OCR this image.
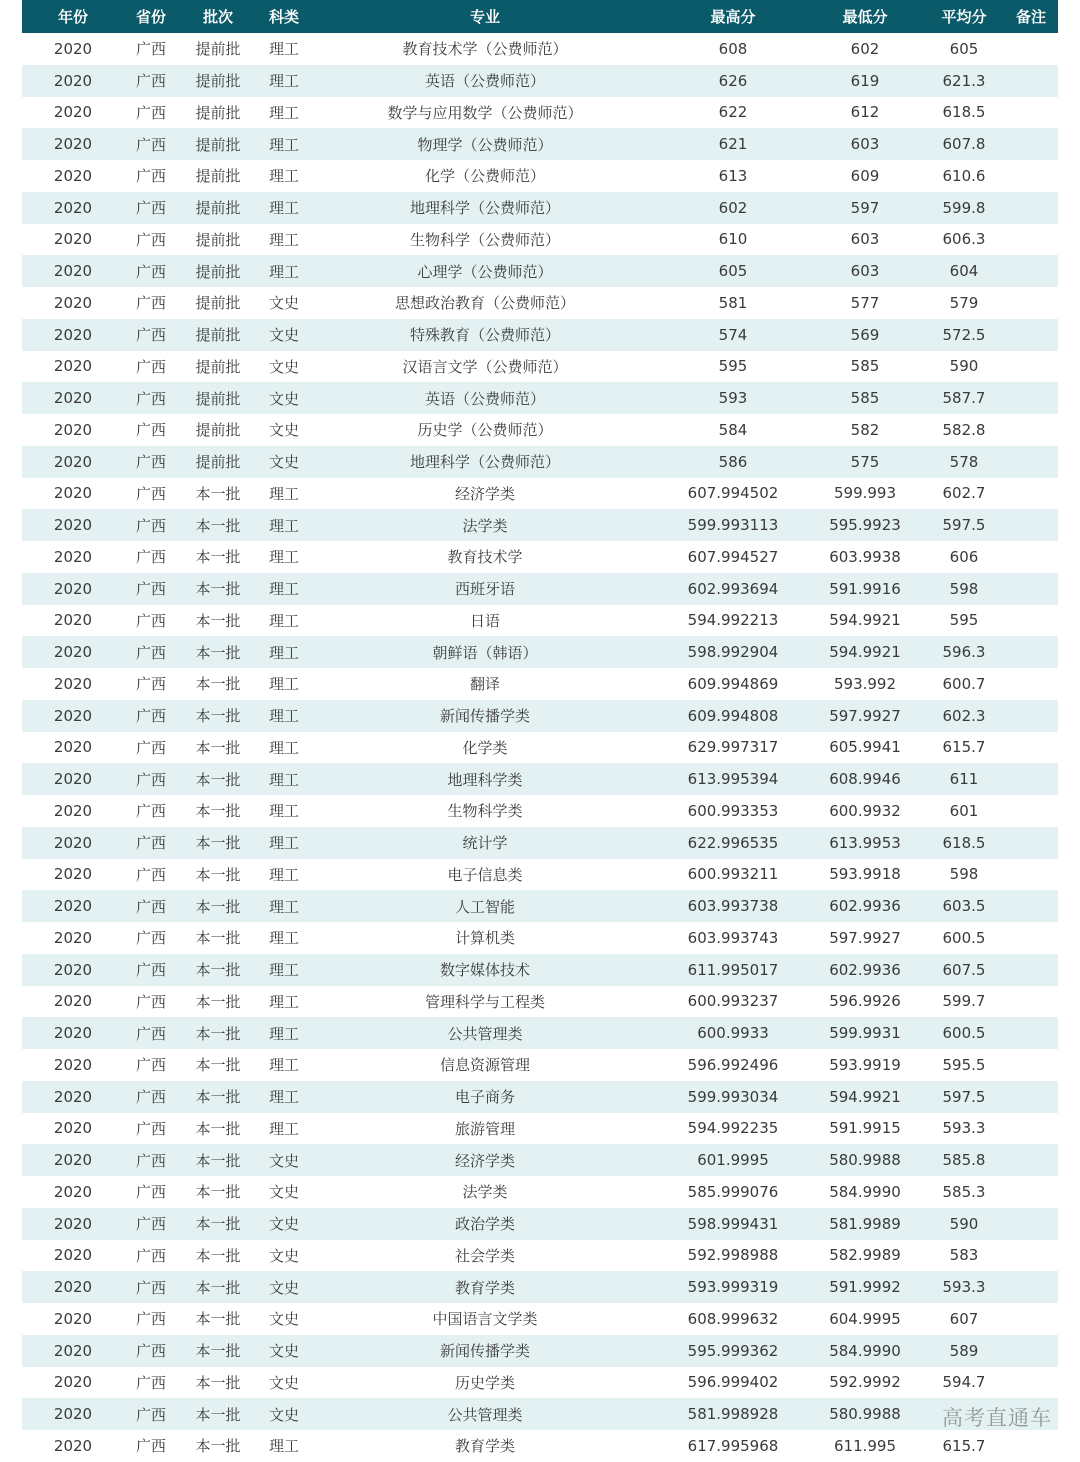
年份	省份	批次	科类	专业	最高分	最低分	平均分	备注
2020	广西	提前批	理工	教育技术学（公费师范）	608	602	605
2020	广西	提前批	理工	英语（公费师范）	626	619	621.3
2020	广西	提前批	理工	数学与应用数学（公费师范）	622	612	618.5
2020	广西	提前批	理工	物理学（公费师范）	621	603	607.8
2020	广西	提前批	理工	化学（公费师范）	613	609	610.6
2020	广西	提前批	理工	地理科学（公费师范）	602	597	599.8
2020	广西	提前批	理工	生物科学（公费师范）	610	603	606.3
2020	广西	提前批	理工	心理学（公费师范）	605	603	604
2020	广西	提前批	文史	思想政治教育（公费师范）	581	577	579
2020	广西	提前批	文史	特殊教育（公费师范）	574	569	572.5
2020	广西	提前批	文史	汉语言文学（公费师范）	595	585	590
2020	广西	提前批	文史	英语（公费师范）	593	585	587.7
2020	广西	提前批	文史	历史学（公费师范）	584	582	582.8
2020	广西	提前批	文史	地理科学（公费师范）	586	575	578
2020	广西	本一批	理工	经济学类	607.994502	599.993	602.7
2020	广西	本一批	理工	法学类	599.993113	595.9923	597.5
2020	广西	本一批	理工	教育技术学	607.994527	603.9938	606
2020	广西	本一批	理工	西班牙语	602.993694	591.9916	598
2020	广西	本一批	理工	日语	594.992213	594.9921	595
2020	广西	本一批	理工	朝鲜语（韩语）	598.992904	594.9921	596.3
2020	广西	本一批	理工	翻译	609.994869	593.992	600.7
2020	广西	本一批	理工	新闻传播学类	609.994808	597.9927	602.3
2020	广西	本一批	理工	化学类	629.997317	605.9941	615.7
2020	广西	本一批	理工	地理科学类	613.995394	608.9946	611
2020	广西	本一批	理工	生物科学类	600.993353	600.9932	601
2020	广西	本一批	理工	统计学	622.996535	613.9953	618.5
2020	广西	本一批	理工	电子信息类	600.993211	593.9918	598
2020	广西	本一批	理工	人工智能	603.993738	602.9936	603.5
2020	广西	本一批	理工	计算机类	603.993743	597.9927	600.5
2020	广西	本一批	理工	数字媒体技术	611.995017	602.9936	607.5
2020	广西	本一批	理工	管理科学与工程类	600.993237	596.9926	599.7
2020	广西	本一批	理工	公共管理类	600.9933	599.9931	600.5
2020	广西	本一批	理工	信息资源管理	596.992496	593.9919	595.5
2020	广西	本一批	理工	电子商务	599.993034	594.9921	597.5
2020	广西	本一批	理工	旅游管理	594.992235	591.9915	593.3
2020	广西	本一批	文史	经济学类	601.9995	580.9988	585.8
2020	广西	本一批	文史	法学类	585.999076	584.9990	585.3
2020	广西	本一批	文史	政治学类	598.999431	581.9989	590
2020	广西	本一批	文史	社会学类	592.998988	582.9989	583
2020	广西	本一批	文史	教育学类	593.999319	591.9992	593.3
2020	广西	本一批	文史	中国语言文学类	608.999632	604.9995	607
2020	广西	本一批	文史	新闻传播学类	595.999362	584.9990	589
2020	广西	本一批	文史	历史学类	596.999402	592.9992	594.7
2020	广西	本一批	文史	公共管理类	581.998928	580.9988
2020	广西	本一批	理工	教育学类	617.995968	611.995	615.7
高考直通车
